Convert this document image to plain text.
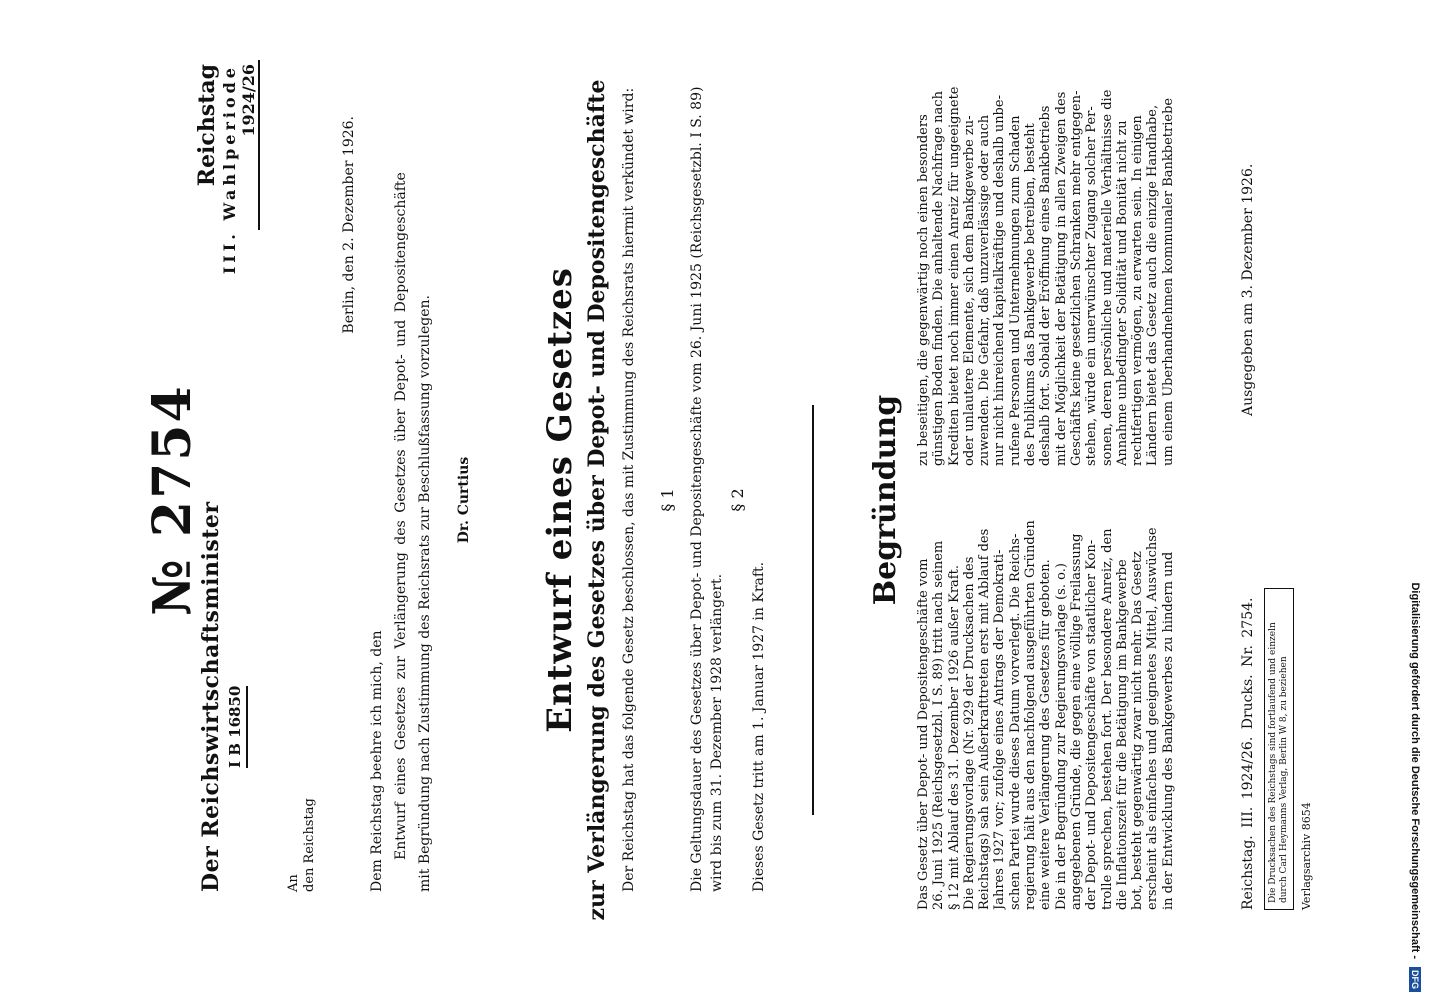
Der Reichswirtschaftsminister I B 16850
Reichstag III. Wahlperiode 1924/26
№ 2754
An den Reichstag
Berlin, den 2. Dezember 1926.
Dem Reichstag beehre ich mich, den Entwurf eines Gesetzes zur Verlängerung des Gesetzes über Depot- und Depositengeschäfte mit Begründung nach Zustimmung des Reichsrats zur Beschlußfassung vorzulegen. Dr. Curtius Entwurf eines Gesetzes zur Verlängerung des Gesetzes über Depot- und Depositengeschäfte Der Reichstag hat das folgende Gesetz beschlossen, das mit Zustimmung des Reichsrats hiermit verkündet wird: § 1 Die Geltungsdauer des Gesetzes über Depot- und Depositengeschäfte vom 26. Juni 1925 (Reichsgesetzbl. I S. 89) wird bis zum 31. Dezember 1928 verlängert.
§ 2
Dieses Gesetz tritt am 1. Januar 1927 in Kraft.
Begründung
Das Gesetz über Depot- und Depositengeschäfte vom 26. Juni 1925 (Reichsgesetzbl. I S. 89) tritt nach seinem § 12 mit Ablauf des 31. Dezember 1926 außer Kraft. Die Regierungsvorlage (Nr. 929 der Drucksachen des Reichstags) sah sein Außerkrafttreten erst mit Ablauf des Jahres 1927 vor; zufolge eines Antrags der Demokrati- schen Partei wurde dieses Datum vorverlegt. Die Reichs- regierung hält aus den nachfolgend ausgeführten Gründen eine weitere Verlängerung des Gesetzes für geboten. Die in der Begründung zur Regierungsvorlage (s. o.) angegebenen Gründe, die gegen eine völlige Freilassung der Depot- und Depositengeschäfte von staatlicher Kon- trolle sprechen, bestehen fort. Der besondere Anreiz, den die Inflationszeit für die Betätigung im Bankgewerbe bot, besteht gegenwärtig zwar nicht mehr. Das Gesetz erscheint als einfaches und geeignetes Mittel, Auswüchse in der Entwicklung des Bankgewerbes zu hindern und
zu beseitigen, die gegenwärtig noch einen besonders günstigen Boden finden. Die anhaltende Nachfrage nach Krediten bietet noch immer einen Anreiz für ungeeignete oder unlautere Elemente, sich dem Bankgewerbe zu- zuwenden. Die Gefahr, daß unzuverlässige oder auch nur nicht hinreichend kapitalkräftige und deshalb unbe- rufene Personen und Unternehmungen zum Schaden des Publikums das Bankgewerbe betreiben, besteht deshalb fort. Sobald der Eröffnung eines Bankbetriebs mit der Möglichkeit der Betätigung in allen Zweigen des Geschäfts keine gesetzlichen Schranken mehr entgegen- stehen, würde ein unerwünschter Zugang solcher Per- sonen, deren persönliche und materielle Verhältnisse die Annahme unbedingter Solidität und Bonität nicht zu rechtfertigen vermögen, zu erwarten sein. In einigen Ländern bietet das Gesetz auch die einzige Handhabe, um einem Überhandnehmen kommunaler Bankbetriebe
Reichstag. III. 1924/26. Drucks. Nr. 2754.
Ausgegeben am 3. Dezember 1926.
Die Drucksachen des Reichstags sind fortlaufend und einzeln durch Carl Heymanns Verlag, Berlin W 8, zu beziehen	Verlagsarchiv 8654	Digitalisierung gefördert durch die Deutsche Forschungsgemeinschaft -
DFG
